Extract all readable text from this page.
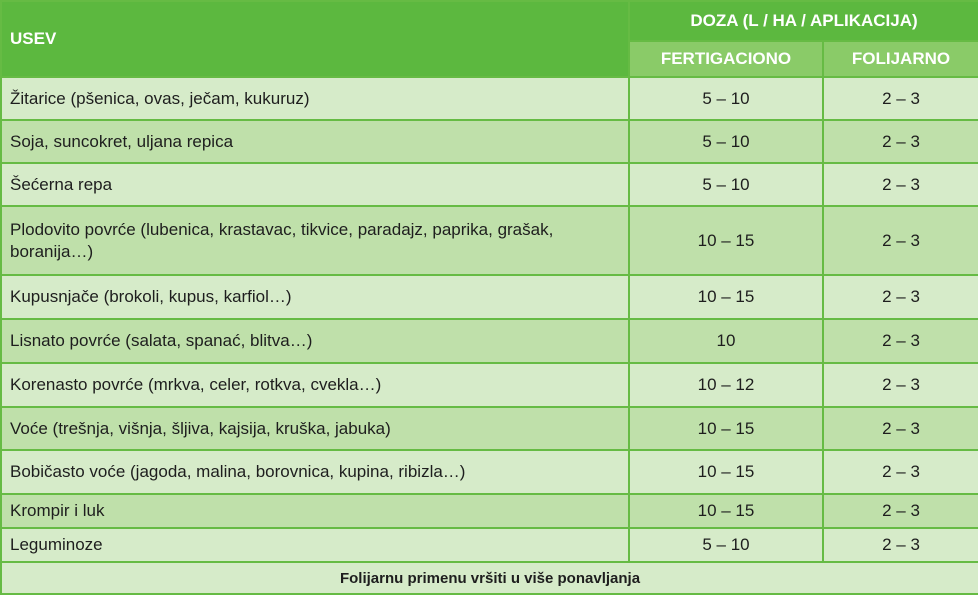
USEV	DOZA (L / HA / APLIKACIJA)	
	FERTIGACIONO	FOLIJARNO
Žitarice (pšenica, ovas, ječam, kukuruz)	5 – 10	2 – 3
Soja, suncokret, uljana repica	5 – 10	2 – 3
Šećerna repa	5 – 10	2 – 3
Plodovito povrće (lubenica, krastavac, tikvice, paradajz, paprika, grašak, boranija…)	10 – 15	2 – 3
Kupusnjače (brokoli, kupus, karfiol…)	10 – 15	2 – 3
Lisnato povrće (salata, spanać, blitva…)	10	2 – 3
Korenasto povrće (mrkva, celer, rotkva, cvekla…)	10 – 12	2 – 3
Voće (trešnja, višnja, šljiva, kajsija, kruška, jabuka)	10 – 15	2 – 3
Bobičasto voće (jagoda, malina, borovnica, kupina, ribizla…)	10 – 15	2 – 3
Krompir i luk	10 – 15	2 – 3
Leguminoze	5 – 10	2 – 3
Folijarnu primenu vršiti u više ponavljanja		
